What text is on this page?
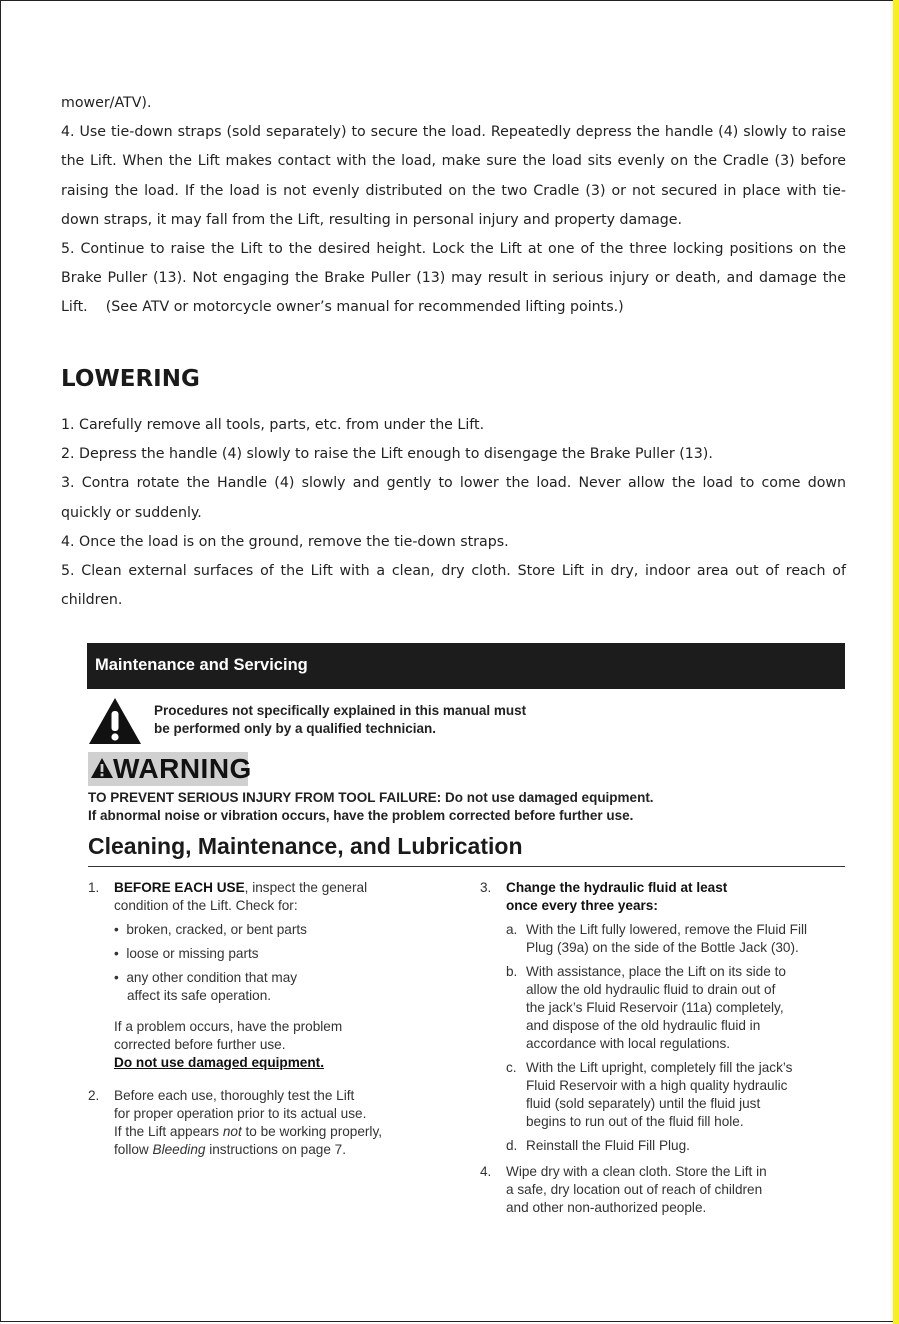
mower/ATV).

4. Use tie-down straps (sold separately) to secure the load. Repeatedly depress the handle (4) slowly to raise the Lift. When the Lift makes contact with the load, make sure the load sits evenly on the Cradle (3) before raising the load. If the load is not evenly distributed on the two Cradle (3) or not secured in place with tie-down straps, it may fall from the Lift, resulting in personal injury and property damage.

5. Continue to raise the Lift to the desired height. Lock the Lift at one of the three locking positions on the Brake Puller (13). Not engaging the Brake Puller (13) may result in serious injury or death, and damage the Lift.    (See ATV or motorcycle owner’s manual for recommended lifting points.)

LOWERING

1. Carefully remove all tools, parts, etc. from under the Lift.

2. Depress the handle (4) slowly to raise the Lift enough to disengage the Brake Puller (13).

3. Contra rotate the Handle (4) slowly and gently to lower the load. Never allow the load to come down quickly or suddenly.

4. Once the load is on the ground, remove the tie-down straps.

5. Clean external surfaces of the Lift with a clean, dry cloth. Store Lift in dry, indoor area out of reach of children.

Maintenance and Servicing
Procedures not specifically explained in this manual must
be performed only by a qualified technician.
WARNING
TO PREVENT SERIOUS INJURY FROM TOOL FAILURE: Do not use damaged equipment.
If abnormal noise or vibration occurs, have the problem corrected before further use.
Cleaning, Maintenance, and Lubrication
1. BEFORE EACH USE, inspect the general
condition of the Lift. Check for:
•  broken, cracked, or bent parts
•  loose or missing parts
•  any other condition that may
affect its safe operation.
If a problem occurs, have the problem
corrected before further use.
Do not use damaged equipment.
2. Before each use, thoroughly test the Lift
for proper operation prior to its actual use.
If the Lift appears not to be working properly,
follow Bleeding instructions on page 7.
3. Change the hydraulic fluid at least
once every three years:
a. With the Lift fully lowered, remove the Fluid Fill
Plug (39a) on the side of the Bottle Jack (30).
b. With assistance, place the Lift on its side to
allow the old hydraulic fluid to drain out of
the jack’s Fluid Reservoir (11a) completely,
and dispose of the old hydraulic fluid in
accordance with local regulations.
c. With the Lift upright, completely fill the jack’s
Fluid Reservoir with a high quality hydraulic
fluid (sold separately) until the fluid just
begins to run out of the fluid fill hole.
d. Reinstall the Fluid Fill Plug.
4. Wipe dry with a clean cloth. Store the Lift in
a safe, dry location out of reach of children
and other non-authorized people.
